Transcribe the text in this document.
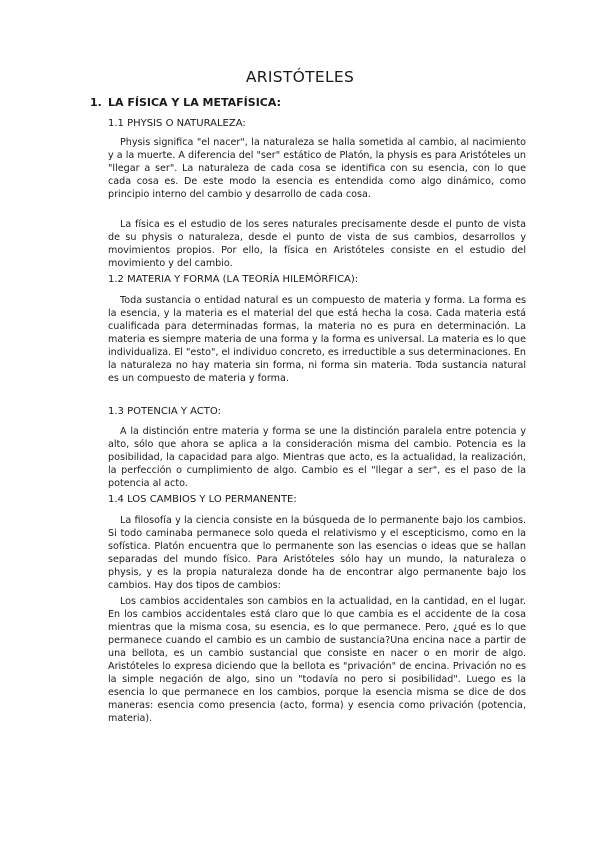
ARISTÓTELES
1. LA FÍSICA Y LA METAFÍSICA:
1.1 PHYSIS O NATURALEZA:

Physis significa "el nacer", la naturaleza se halla sometida al cambio, al nacimiento y a la muerte. A diferencia del "ser" estático de Platón, la physis es para Aristóteles un "llegar a ser". La naturaleza de cada cosa se identifica con su esencia, con lo que cada cosa es. De este modo la esencia es entendida como algo dinámico, como principio interno del cambio y desarrollo de cada cosa.

La física es el estudio de los seres naturales precisamente desde el punto de vista de su physis o naturaleza, desde el punto de vista de sus cambios, desarrollos y movimientos propios. Por ello, la física en Aristóteles consiste en el estudio del movimiento y del cambio.

1.2 MATERIA Y FORMA (LA TEORÍA HILEMÓRFICA):

Toda sustancia o entidad natural es un compuesto de materia y forma. La forma es la esencia, y la materia es el material del que está hecha la cosa. Cada materia está cualificada para determinadas formas, la materia no es pura en determinación. La materia es siempre materia de una forma y la forma es universal. La materia es lo que individualiza. El "esto", el individuo concreto, es irreductible a sus determinaciones. En la naturaleza no hay materia sin forma, ni forma sin materia. Toda sustancia natural es un compuesto de materia y forma.

1.3 POTENCIA Y ACTO:

A la distinción entre materia y forma se une la distinción paralela entre potencia y alto, sólo que ahora se aplica a la consideración misma del cambio. Potencia es la posibilidad, la capacidad para algo. Mientras que acto, es la actualidad, la realización, la perfección o cumplimiento de algo. Cambio es el "llegar a ser", es el paso de la potencia al acto.

1.4 LOS CAMBIOS Y LO PERMANENTE:

La filosofía y la ciencia consiste en la búsqueda de lo permanente bajo los cambios. Si todo caminaba permanece solo queda el relativismo y el escepticismo, como en la sofística. Platón encuentra que lo permanente son las esencias o ideas que se hallan separadas del mundo físico. Para Aristóteles sólo hay un mundo, la naturaleza o physis, y es la propia naturaleza donde ha de encontrar algo permanente bajo los cambios. Hay dos tipos de cambios:

Los cambios accidentales son cambios en la actualidad, en la cantidad, en el lugar. En los cambios accidentales está claro que lo que cambia es el accidente de la cosa mientras que la misma cosa, su esencia, es lo que permanece. Pero, ¿qué es lo que permanece cuando el cambio es un cambio de sustancia?Una encina nace a partir de una bellota, es un cambio sustancial que consiste en nacer o en morir de algo. Aristóteles lo expresa diciendo que la bellota es "privación" de encina. Privación no es la simple negación de algo, sino un "todavía no pero si posibilidad". Luego es la esencia lo que permanece en los cambios, porque la esencia misma se dice de dos maneras: esencia como presencia (acto, forma) y esencia como privación (potencia, materia).
